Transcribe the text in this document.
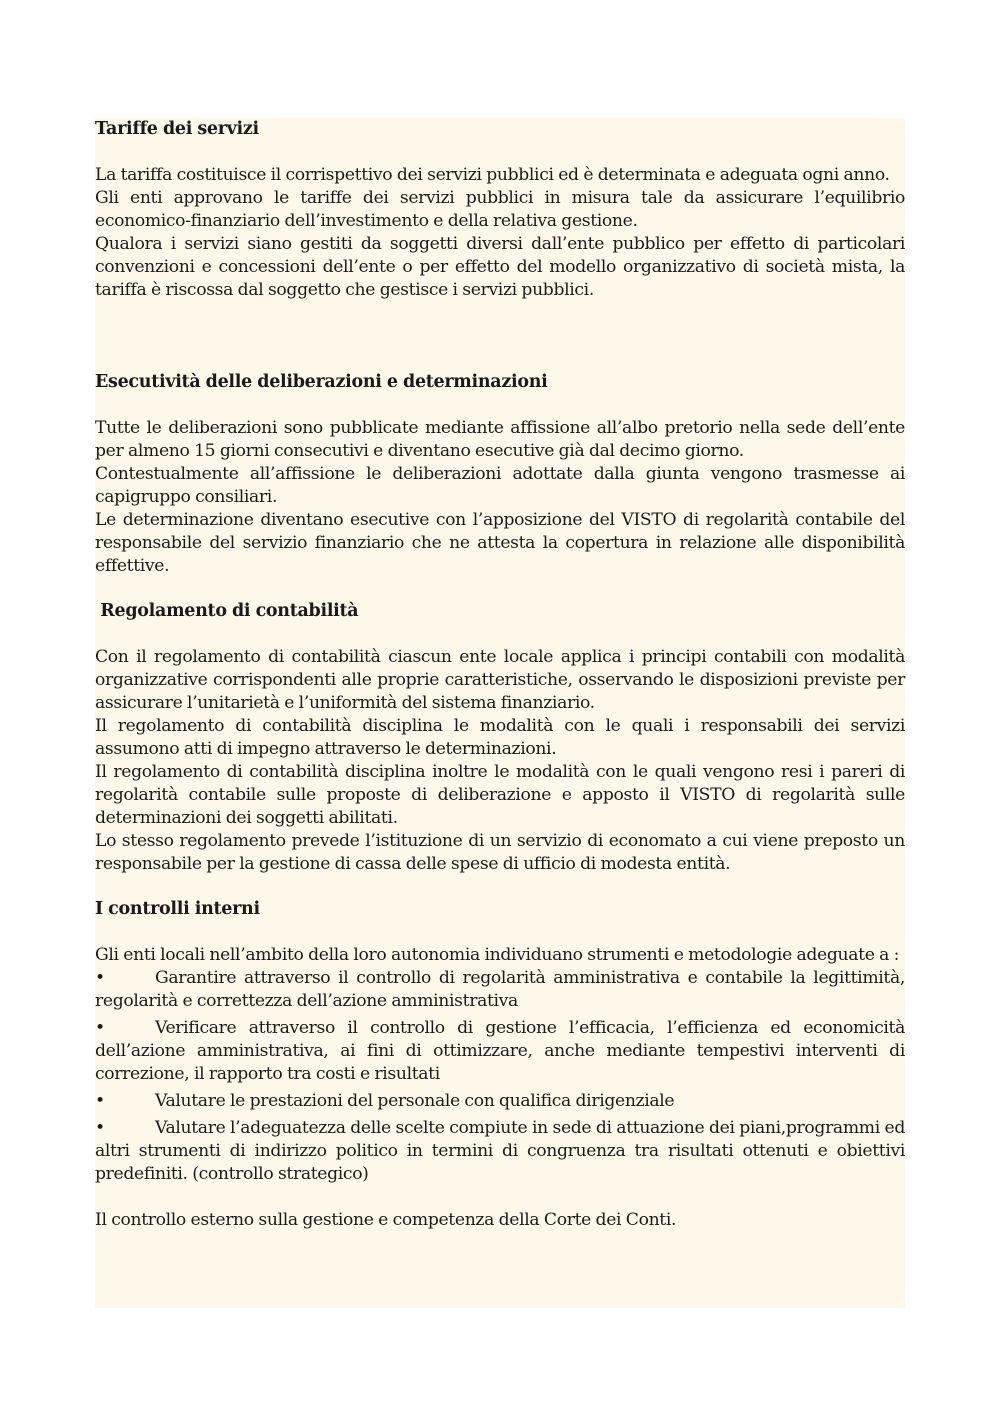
Tariffe dei servizi

La tariffa costituisce il corrispettivo dei servizi pubblici ed è determinata e adeguata ogni anno.

Gli enti approvano le tariffe dei servizi pubblici in misura tale da assicurare l’equilibrio economico-finanziario dell’investimento e della relativa gestione.

Qualora i servizi siano gestiti da soggetti diversi dall’ente pubblico per effetto di particolari convenzioni e concessioni dell’ente o per effetto del modello organizzativo di società mista, la tariffa è riscossa dal soggetto che gestisce i servizi pubblici.

Esecutività delle deliberazioni e determinazioni

Tutte le deliberazioni sono pubblicate mediante affissione all’albo pretorio nella sede dell’ente per almeno 15 giorni consecutivi e diventano esecutive già dal decimo giorno.

Contestualmente all’affissione le deliberazioni adottate dalla giunta vengono trasmesse ai capigruppo consiliari.

Le determinazione diventano esecutive con l’apposizione del VISTO di regolarità contabile del responsabile del servizio finanziario che ne attesta la copertura in relazione alle disponibilità effettive.

Regolamento di contabilità

Con il regolamento di contabilità ciascun ente locale applica i principi contabili con modalità organizzative corrispondenti alle proprie caratteristiche, osservando le disposizioni previste per assicurare l’unitarietà e l’uniformità del sistema finanziario.

Il regolamento di contabilità disciplina le modalità con le quali i responsabili dei servizi assumono atti di impegno attraverso le determinazioni.

Il regolamento di contabilità disciplina inoltre le modalità con le quali vengono resi i pareri di regolarità contabile sulle proposte di deliberazione e apposto il VISTO di regolarità sulle determinazioni dei soggetti abilitati.

Lo stesso regolamento prevede l’istituzione di un servizio di economato a cui viene preposto un responsabile per la gestione di cassa delle spese di ufficio di modesta entità.

I controlli interni

Gli enti locali nell’ambito della loro autonomia individuano strumenti e metodologie adeguate a :

•	Garantire attraverso il controllo di regolarità amministrativa e contabile la legittimità, regolarità e correttezza dell’azione amministrativa
•	Verificare attraverso il controllo di gestione l’efficacia, l’efficienza ed economicità dell’azione amministrativa, ai fini di ottimizzare, anche mediante tempestivi interventi di correzione, il rapporto tra costi e risultati
•	Valutare le prestazioni del personale con qualifica dirigenziale
•	Valutare l’adeguatezza delle scelte compiute in sede di attuazione dei piani,programmi ed altri strumenti di indirizzo politico in termini di congruenza tra risultati ottenuti e obiettivi predefiniti. (controllo strategico)

Il controllo esterno sulla gestione e competenza della Corte dei Conti.
